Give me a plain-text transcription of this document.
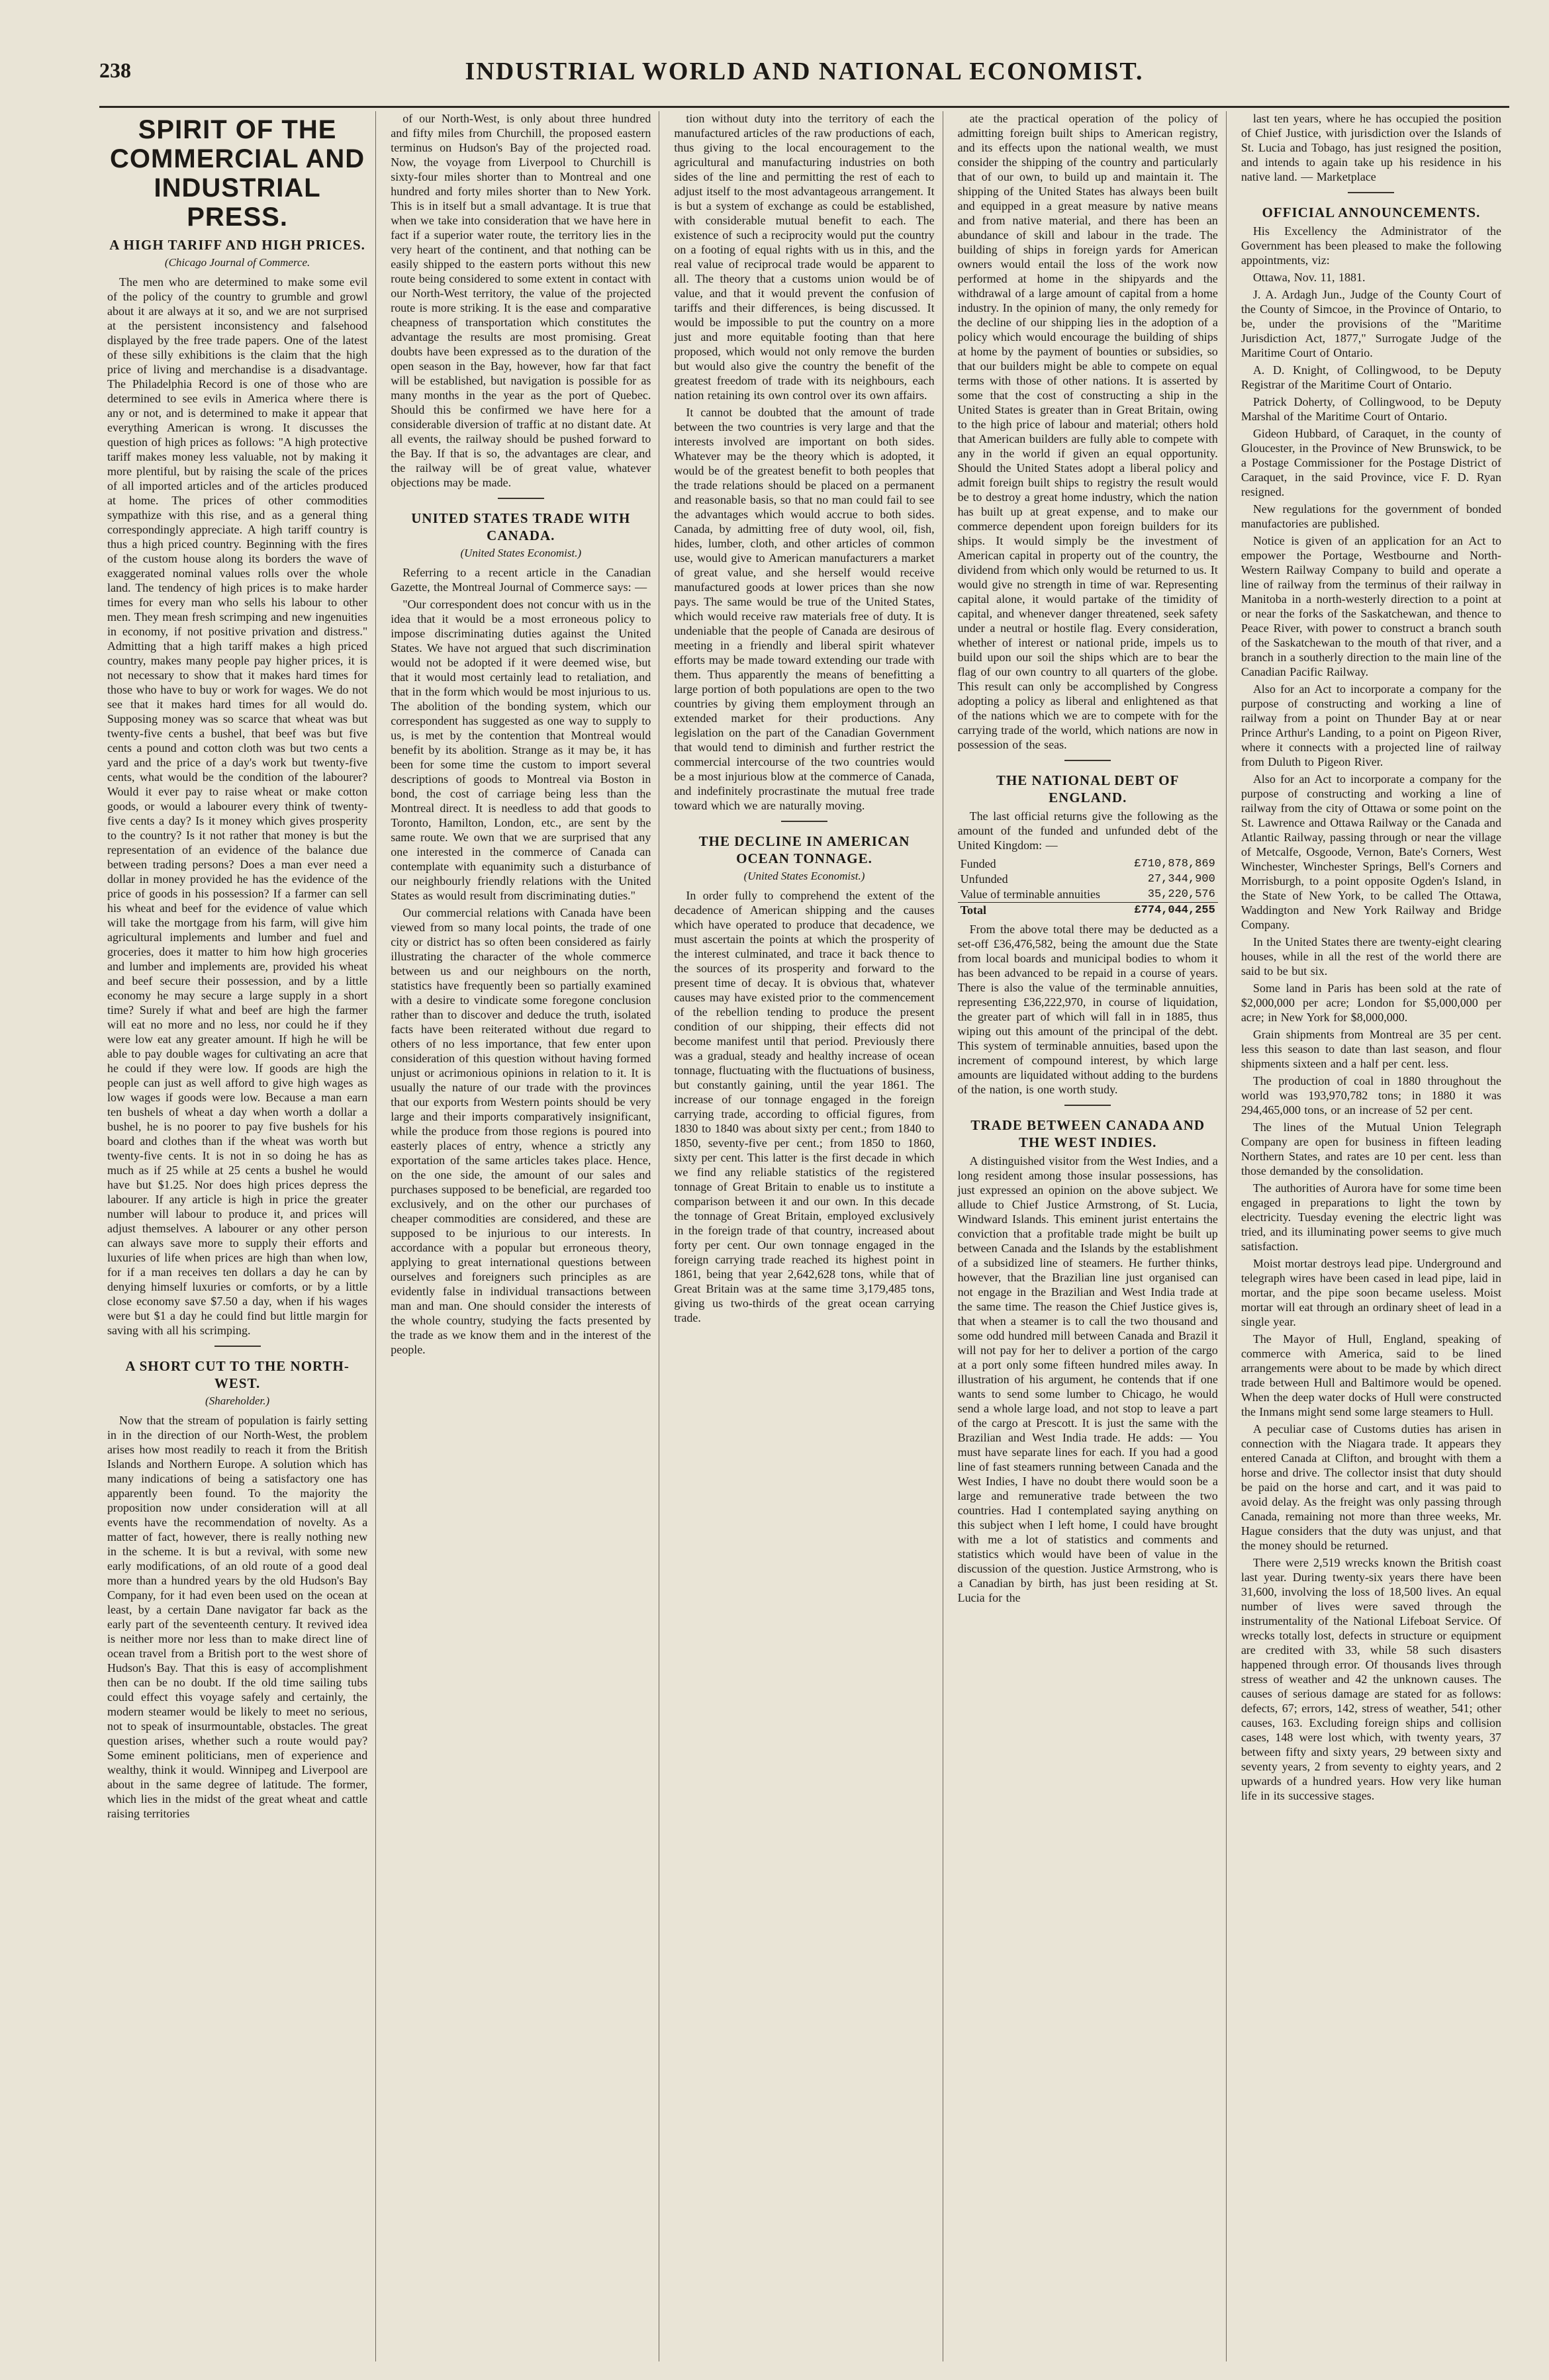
238	INDUSTRIAL WORLD AND NATIONAL ECONOMIST.
SPIRIT OF THE COMMERCIAL AND INDUSTRIAL PRESS.
A HIGH TARIFF AND HIGH PRICES.
(Chicago Journal of Commerce.

The men who are determined to make some evil of the policy of the country to grumble and growl about it are always at it so, and we are not surprised at the persistent inconsistency and falsehood displayed by the free trade papers. One of the latest of these silly exhibitions is the claim that the high price of living and merchandise is a disadvantage. The Philadelphia Record is one of those who are determined to see evils in America where there is any or not, and is determined to make it appear that everything American is wrong. It discusses the question of high prices as follows: "A high protective tariff makes money less valuable, not by making it more plentiful, but by raising the scale of the prices of all imported articles and of the articles produced at home. The prices of other commodities sympathize with this rise, and as a general thing correspondingly appreciate. A high tariff country is thus a high priced country. Beginning with the fires of the custom house along its borders the wave of exaggerated nominal values rolls over the whole land. The tendency of high prices is to make harder times for every man who sells his labour to other men. They mean fresh scrimping and new ingenuities in economy, if not positive privation and distress." Admitting that a high tariff makes a high priced country, makes many people pay higher prices, it is not necessary to show that it makes hard times for those who have to buy or work for wages. We do not see that it makes hard times for all would do. Supposing money was so scarce that wheat was but twenty-five cents a bushel, that beef was but five cents a pound and cotton cloth was but two cents a yard and the price of a day's work but twenty-five cents, what would be the condition of the labourer? Would it ever pay to raise wheat or make cotton goods, or would a labourer every think of twenty-five cents a day? Is it money which gives prosperity to the country? Is it not rather that money is but the representation of an evidence of the balance due between trading persons? Does a man ever need a dollar in money provided he has the evidence of the price of goods in his possession? If a farmer can sell his wheat and beef for the evidence of value which will take the mortgage from his farm, will give him agricultural implements and lumber and fuel and groceries, does it matter to him how high groceries and lumber and implements are, provided his wheat and beef secure their possession, and by a little economy he may secure a large supply in a short time? Surely if what and beef are high the farmer will eat no more and no less, nor could he if they were low eat any greater amount. If high he will be able to pay double wages for cultivating an acre that he could if they were low. If goods are high the people can just as well afford to give high wages as low wages if goods were low. Because a man earn ten bushels of wheat a day when worth a dollar a bushel, he is no poorer to pay five bushels for his board and clothes than if the wheat was worth but twenty-five cents. It is not in so doing he has as much as if 25 while at 25 cents a bushel he would have but $1.25. Nor does high prices depress the labourer. If any article is high in price the greater number will labour to produce it, and prices will adjust themselves. A labourer or any other person can always save more to supply their efforts and luxuries of life when prices are high than when low, for if a man receives ten dollars a day he can by denying himself luxuries or comforts, or by a little close economy save $7.50 a day, when if his wages were but $1 a day he could find but little margin for saving with all his scrimping.

A SHORT CUT TO THE NORTH-WEST.
(Shareholder.)

Now that the stream of population is fairly setting in in the direction of our North-West, the problem arises how most readily to reach it from the British Islands and Northern Europe. A solution which has many indications of being a satisfactory one has apparently been found. To the majority the proposition now under consideration will at all events have the recommendation of novelty. As a matter of fact, however, there is really nothing new in the scheme. It is but a revival, with some new early modifications, of an old route of a good deal more than a hundred years by the old Hudson's Bay Company, for it had even been used on the ocean at least, by a certain Dane navigator far back as the early part of the seventeenth century. It revived idea is neither more nor less than to make direct line of ocean travel from a British port to the west shore of Hudson's Bay. That this is easy of accomplishment then can be no doubt. If the old time sailing tubs could effect this voyage safely and certainly, the modern steamer would be likely to meet no serious, not to speak of insurmountable, obstacles. The great question arises, whether such a route would pay? Some eminent politicians, men of experience and wealthy, think it would. Winnipeg and Liverpool are about in the same degree of latitude. The former, which lies in the midst of the great wheat and cattle raising territories

of our North-West, is only about three hundred and fifty miles from Churchill, the proposed eastern terminus on Hudson's Bay of the projected road. Now, the voyage from Liverpool to Churchill is sixty-four miles shorter than to Montreal and one hundred and forty miles shorter than to New York. This is in itself but a small advantage. It is true that when we take into consideration that we have here in fact if a superior water route, the territory lies in the very heart of the continent, and that nothing can be easily shipped to the eastern ports without this new route being considered to some extent in contact with our North-West territory, the value of the projected route is more striking. It is the ease and comparative cheapness of transportation which constitutes the advantage the results are most promising. Great doubts have been expressed as to the duration of the open season in the Bay, however, how far that fact will be established, but navigation is possible for as many months in the year as the port of Quebec. Should this be confirmed we have here for a considerable diversion of traffic at no distant date. At all events, the railway should be pushed forward to the Bay. If that is so, the advantages are clear, and the railway will be of great value, whatever objections may be made.

UNITED STATES TRADE WITH CANADA.
(United States Economist.)

Referring to a recent article in the Canadian Gazette, the Montreal Journal of Commerce says: —

"Our correspondent does not concur with us in the idea that it would be a most erroneous policy to impose discriminating duties against the United States. We have not argued that such discrimination would not be adopted if it were deemed wise, but that it would most certainly lead to retaliation, and that in the form which would be most injurious to us. The abolition of the bonding system, which our correspondent has suggested as one way to supply to us, is met by the contention that Montreal would benefit by its abolition. Strange as it may be, it has been for some time the custom to import several descriptions of goods to Montreal via Boston in bond, the cost of carriage being less than the Montreal direct. It is needless to add that goods to Toronto, Hamilton, London, etc., are sent by the same route. We own that we are surprised that any one interested in the commerce of Canada can contemplate with equanimity such a disturbance of our neighbourly friendly relations with the United States as would result from discriminating duties."

Our commercial relations with Canada have been viewed from so many local points, the trade of one city or district has so often been considered as fairly illustrating the character of the whole commerce between us and our neighbours on the north, statistics have frequently been so partially examined with a desire to vindicate some foregone conclusion rather than to discover and deduce the truth, isolated facts have been reiterated without due regard to others of no less importance, that few enter upon consideration of this question without having formed unjust or acrimonious opinions in relation to it. It is usually the nature of our trade with the provinces that our exports from Western points should be very large and their imports comparatively insignificant, while the produce from those regions is poured into easterly places of entry, whence a strictly any exportation of the same articles takes place. Hence, on the one side, the amount of our sales and purchases supposed to be beneficial, are regarded too exclusively, and on the other our purchases of cheaper commodities are considered, and these are supposed to be injurious to our interests. In accordance with a popular but erroneous theory, applying to great international questions between ourselves and foreigners such principles as are evidently false in individual transactions between man and man. One should consider the interests of the whole country, studying the facts presented by the trade as we know them and in the interest of the people.

tion without duty into the territory of each the manufactured articles of the raw productions of each, thus giving to the local encouragement to the agricultural and manufacturing industries on both sides of the line and permitting the rest of each to adjust itself to the most advantageous arrangement. It is but a system of exchange as could be established, with considerable mutual benefit to each. The existence of such a reciprocity would put the country on a footing of equal rights with us in this, and the real value of reciprocal trade would be apparent to all. The theory that a customs union would be of value, and that it would prevent the confusion of tariffs and their differences, is being discussed. It would be impossible to put the country on a more just and more equitable footing than that here proposed, which would not only remove the burden but would also give the country the benefit of the greatest freedom of trade with its neighbours, each nation retaining its own control over its own affairs.

It cannot be doubted that the amount of trade between the two countries is very large and that the interests involved are important on both sides. Whatever may be the theory which is adopted, it would be of the greatest benefit to both peoples that the trade relations should be placed on a permanent and reasonable basis, so that no man could fail to see the advantages which would accrue to both sides. Canada, by admitting free of duty wool, oil, fish, hides, lumber, cloth, and other articles of common use, would give to American manufacturers a market of great value, and she herself would receive manufactured goods at lower prices than she now pays. The same would be true of the United States, which would receive raw materials free of duty. It is undeniable that the people of Canada are desirous of meeting in a friendly and liberal spirit whatever efforts may be made toward extending our trade with them. Thus apparently the means of benefitting a large portion of both populations are open to the two countries by giving them employment through an extended market for their productions. Any legislation on the part of the Canadian Government that would tend to diminish and further restrict the commercial intercourse of the two countries would be a most injurious blow at the commerce of Canada, and indefinitely procrastinate the mutual free trade toward which we are naturally moving.

THE DECLINE IN AMERICAN OCEAN TONNAGE.
(United States Economist.)

In order fully to comprehend the extent of the decadence of American shipping and the causes which have operated to produce that decadence, we must ascertain the points at which the prosperity of the interest culminated, and trace it back thence to the sources of its prosperity and forward to the present time of decay. It is obvious that, whatever causes may have existed prior to the commencement of the rebellion tending to produce the present condition of our shipping, their effects did not become manifest until that period. Previously there was a gradual, steady and healthy increase of ocean tonnage, fluctuating with the fluctuations of business, but constantly gaining, until the year 1861. The increase of our tonnage engaged in the foreign carrying trade, according to official figures, from 1830 to 1840 was about sixty per cent.; from 1840 to 1850, seventy-five per cent.; from 1850 to 1860, sixty per cent. This latter is the first decade in which we find any reliable statistics of the registered tonnage of Great Britain to enable us to institute a comparison between it and our own. In this decade the tonnage of Great Britain, employed exclusively in the foreign trade of that country, increased about forty per cent. Our own tonnage engaged in the foreign carrying trade reached its highest point in 1861, being that year 2,642,628 tons, while that of Great Britain was at the same time 3,179,485 tons, giving us two-thirds of the great ocean carrying trade.

ate the practical operation of the policy of admitting foreign built ships to American registry, and its effects upon the national wealth, we must consider the shipping of the country and particularly that of our own, to build up and maintain it. The shipping of the United States has always been built and equipped in a great measure by native means and from native material, and there has been an abundance of skill and labour in the trade. The building of ships in foreign yards for American owners would entail the loss of the work now performed at home in the shipyards and the withdrawal of a large amount of capital from a home industry. In the opinion of many, the only remedy for the decline of our shipping lies in the adoption of a policy which would encourage the building of ships at home by the payment of bounties or subsidies, so that our builders might be able to compete on equal terms with those of other nations. It is asserted by some that the cost of constructing a ship in the United States is greater than in Great Britain, owing to the high price of labour and material; others hold that American builders are fully able to compete with any in the world if given an equal opportunity. Should the United States adopt a liberal policy and admit foreign built ships to registry the result would be to destroy a great home industry, which the nation has built up at great expense, and to make our commerce dependent upon foreign builders for its ships. It would simply be the investment of American capital in property out of the country, the dividend from which only would be returned to us. It would give no strength in time of war. Representing capital alone, it would partake of the timidity of capital, and whenever danger threatened, seek safety under a neutral or hostile flag. Every consideration, whether of interest or national pride, impels us to build upon our soil the ships which are to bear the flag of our own country to all quarters of the globe. This result can only be accomplished by Congress adopting a policy as liberal and enlightened as that of the nations which we are to compete with for the carrying trade of the world, which nations are now in possession of the seas.

THE NATIONAL DEBT OF ENGLAND.

The last official returns give the following as the amount of the funded and unfunded debt of the United Kingdom: —

Funded	£710,878,869
Unfunded	27,344,900
Value of terminable annuities	35,220,576
Total	£774,044,255

From the above total there may be deducted as a set-off £36,476,582, being the amount due the State from local boards and municipal bodies to whom it has been advanced to be repaid in a course of years. There is also the value of the terminable annuities, representing £36,222,970, in course of liquidation, the greater part of which will fall in in 1885, thus wiping out this amount of the principal of the debt. This system of terminable annuities, based upon the increment of compound interest, by which large amounts are liquidated without adding to the burdens of the nation, is one worth study.

TRADE BETWEEN CANADA AND THE WEST INDIES.

A distinguished visitor from the West Indies, and a long resident among those insular possessions, has just expressed an opinion on the above subject. We allude to Chief Justice Armstrong, of St. Lucia, Windward Islands. This eminent jurist entertains the conviction that a profitable trade might be built up between Canada and the Islands by the establishment of a subsidized line of steamers. He further thinks, however, that the Brazilian line just organised can not engage in the Brazilian and West India trade at the same time. The reason the Chief Justice gives is, that when a steamer is to call the two thousand and some odd hundred mill between Canada and Brazil it will not pay for her to deliver a portion of the cargo at a port only some fifteen hundred miles away. In illustration of his argument, he contends that if one wants to send some lumber to Chicago, he would send a whole large load, and not stop to leave a part of the cargo at Prescott. It is just the same with the Brazilian and West India trade. He adds: — You must have separate lines for each. If you had a good line of fast steamers running between Canada and the West Indies, I have no doubt there would soon be a large and remunerative trade between the two countries. Had I contemplated saying anything on this subject when I left home, I could have brought with me a lot of statistics and comments and statistics which would have been of value in the discussion of the question. Justice Armstrong, who is a Canadian by birth, has just been residing at St. Lucia for the

last ten years, where he has occupied the position of Chief Justice, with jurisdiction over the Islands of St. Lucia and Tobago, has just resigned the position, and intends to again take up his residence in his native land. — Marketplace

OFFICIAL ANNOUNCEMENTS.

His Excellency the Administrator of the Government has been pleased to make the following appointments, viz:

Ottawa, Nov. 11, 1881.

J. A. Ardagh Jun., Judge of the County Court of the County of Simcoe, in the Province of Ontario, to be, under the provisions of the "Maritime Jurisdiction Act, 1877," Surrogate Judge of the Maritime Court of Ontario.

A. D. Knight, of Collingwood, to be Deputy Registrar of the Maritime Court of Ontario.

Patrick Doherty, of Collingwood, to be Deputy Marshal of the Maritime Court of Ontario.

Gideon Hubbard, of Caraquet, in the county of Gloucester, in the Province of New Brunswick, to be a Postage Commissioner for the Postage District of Caraquet, in the said Province, vice F. D. Ryan resigned.

New regulations for the government of bonded manufactories are published.

Notice is given of an application for an Act to empower the Portage, Westbourne and North-Western Railway Company to build and operate a line of railway from the terminus of their railway in Manitoba in a north-westerly direction to a point at or near the forks of the Saskatchewan, and thence to Peace River, with power to construct a branch south of the Saskatchewan to the mouth of that river, and a branch in a southerly direction to the main line of the Canadian Pacific Railway.

Also for an Act to incorporate a company for the purpose of constructing and working a line of railway from a point on Thunder Bay at or near Prince Arthur's Landing, to a point on Pigeon River, where it connects with a projected line of railway from Duluth to Pigeon River.

Also for an Act to incorporate a company for the purpose of constructing and working a line of railway from the city of Ottawa or some point on the St. Lawrence and Ottawa Railway or the Canada and Atlantic Railway, passing through or near the village of Metcalfe, Osgoode, Vernon, Bate's Corners, West Winchester, Winchester Springs, Bell's Corners and Morrisburgh, to a point opposite Ogden's Island, in the State of New York, to be called The Ottawa, Waddington and New York Railway and Bridge Company.

In the United States there are twenty-eight clearing houses, while in all the rest of the world there are said to be but six.

Some land in Paris has been sold at the rate of $2,000,000 per acre; London for $5,000,000 per acre; in New York for $8,000,000.

Grain shipments from Montreal are 35 per cent. less this season to date than last season, and flour shipments sixteen and a half per cent. less.

The production of coal in 1880 throughout the world was 193,970,782 tons; in 1880 it was 294,465,000 tons, or an increase of 52 per cent.

The lines of the Mutual Union Telegraph Company are open for business in fifteen leading Northern States, and rates are 10 per cent. less than those demanded by the consolidation.

The authorities of Aurora have for some time been engaged in preparations to light the town by electricity. Tuesday evening the electric light was tried, and its illuminating power seems to give much satisfaction.

Moist mortar destroys lead pipe. Underground and telegraph wires have been cased in lead pipe, laid in mortar, and the pipe soon became useless. Moist mortar will eat through an ordinary sheet of lead in a single year.

The Mayor of Hull, England, speaking of commerce with America, said to be lined arrangements were about to be made by which direct trade between Hull and Baltimore would be opened. When the deep water docks of Hull were constructed the Inmans might send some large steamers to Hull.

A peculiar case of Customs duties has arisen in connection with the Niagara trade. It appears they entered Canada at Clifton, and brought with them a horse and drive. The collector insist that duty should be paid on the horse and cart, and it was paid to avoid delay. As the freight was only passing through Canada, remaining not more than three weeks, Mr. Hague considers that the duty was unjust, and that the money should be returned.

There were 2,519 wrecks known the British coast last year. During twenty-six years there have been 31,600, involving the loss of 18,500 lives. An equal number of lives were saved through the instrumentality of the National Lifeboat Service. Of wrecks totally lost, defects in structure or equipment are credited with 33, while 58 such disasters happened through error. Of thousands lives through stress of weather and 42 the unknown causes. The causes of serious damage are stated for as follows: defects, 67; errors, 142, stress of weather, 541; other causes, 163. Excluding foreign ships and collision cases, 148 were lost which, with twenty years, 37 between fifty and sixty years, 29 between sixty and seventy years, 2 from seventy to eighty years, and 2 upwards of a hundred years. How very like human life in its successive stages.
